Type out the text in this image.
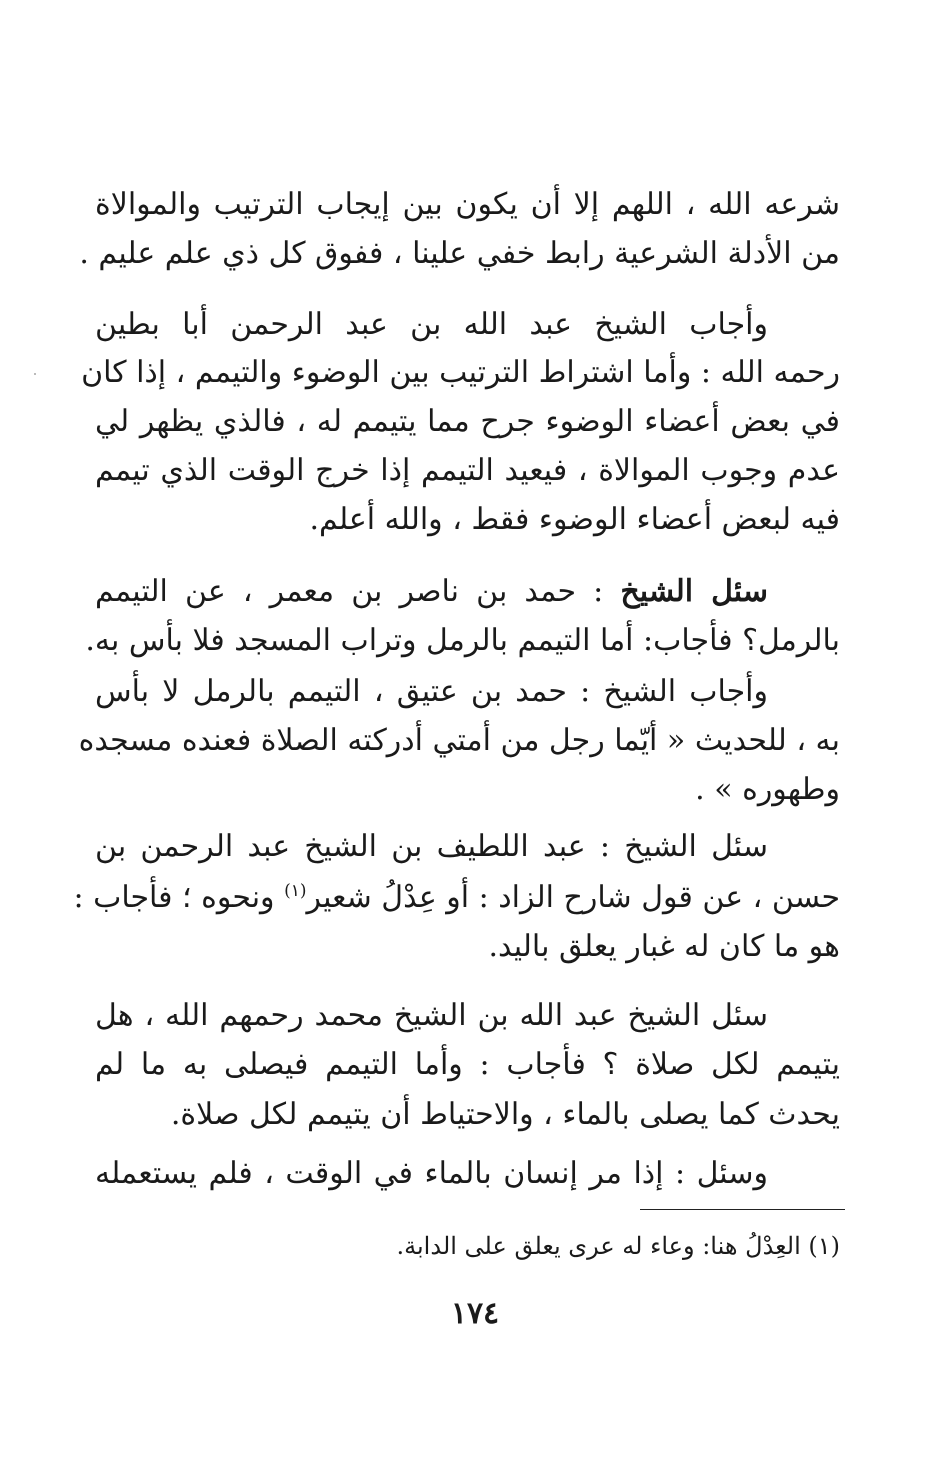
شرعه الله ، اللهم إلا أن يكون بين إيجاب الترتيب والموالاة
من الأدلة الشرعية رابط خفي علينا ، ففوق كل ذي علم عليم .
وأجاب الشيخ عبد الله بن عبد الرحمن أبا بطين
رحمه الله : وأما اشتراط الترتيب بين الوضوء والتيمم ، إذا كان
في بعض أعضاء الوضوء جرح مما يتيمم له ، فالذي يظهر لي
عدم وجوب الموالاة ، فيعيد التيمم إذا خرج الوقت الذي تيمم
فيه لبعض أعضاء الوضوء فقط ، والله أعلم.
سئل الشيخ : حمد بن ناصر بن معمر ، عن التيمم
بالرمل؟ فأجاب: أما التيمم بالرمل وتراب المسجد فلا بأس به.
وأجاب الشيخ : حمد بن عتيق ، التيمم بالرمل لا بأس
به ، للحديث « أيّما رجل من أمتي أدركته الصلاة فعنده مسجده
وطهوره » .
سئل الشيخ : عبد اللطيف بن الشيخ عبد الرحمن بن
حسن ، عن قول شارح الزاد : أو عِدْلُ شعير$^{(١)}$ ونحوه ؛ فأجاب :
هو ما كان له غبار يعلق باليد.
سئل الشيخ عبد الله بن الشيخ محمد رحمهم الله ، هل
يتيمم لكل صلاة ؟ فأجاب : وأما التيمم فيصلى به ما لم
يحدث كما يصلى بالماء ، والاحتياط أن يتيمم لكل صلاة.
وسئل : إذا مر إنسان بالماء في الوقت ، فلم يستعمله
(١) العِدْلُ هنا: وعاء له عرى يعلق على الدابة.
١٧٤
